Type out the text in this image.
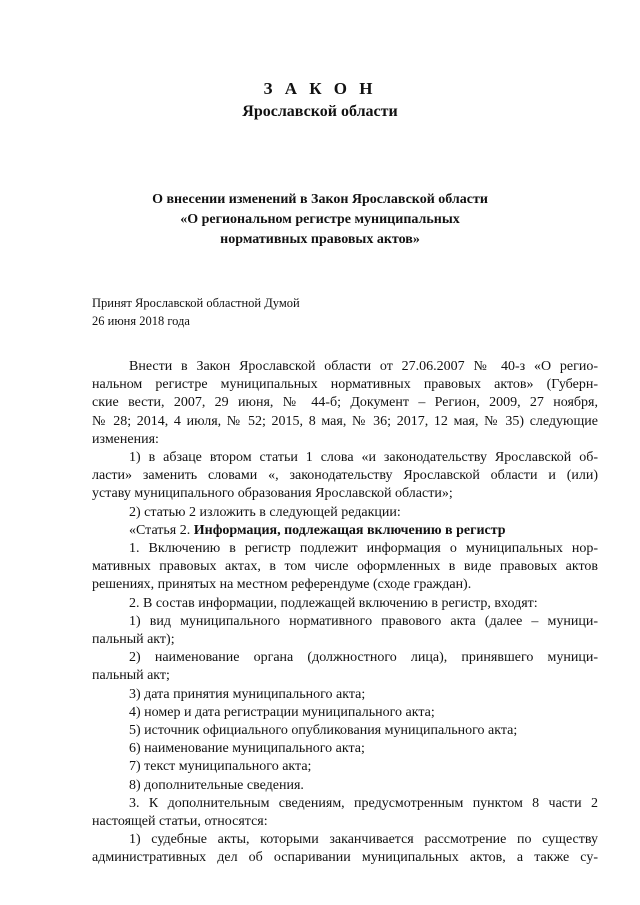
З А К О Н
Ярославской области
О внесении изменений в Закон Ярославской области
«О региональном регистре муниципальных
нормативных правовых актов»
Принят Ярославской областной Думой
26 июня 2018 года
Внести в Закон Ярославской области от 27.06.2007 № 40-з «О регио-
нальном регистре муниципальных нормативных правовых актов» (Губерн-
ские вести, 2007, 29 июня, № 44-б; Документ – Регион, 2009, 27 ноября,
№ 28; 2014, 4 июля, № 52; 2015, 8 мая, № 36; 2017, 12 мая, № 35) следующие
изменения:
1) в абзаце втором статьи 1 слова «и законодательству Ярославской об-
ласти» заменить словами «, законодательству Ярославской области и (или)
уставу муниципального образования Ярославской области»;
2) статью 2 изложить в следующей редакции:
«Статья 2. Информация, подлежащая включению в регистр
1. Включению в регистр подлежит информация о муниципальных нор-
мативных правовых актах, в том числе оформленных в виде правовых актов
решениях, принятых на местном референдуме (сходе граждан).
2. В состав информации, подлежащей включению в регистр, входят:
1) вид муниципального нормативного правового акта (далее – муници-
пальный акт);
2) наименование органа (должностного лица), принявшего муници-
пальный акт;
3) дата принятия муниципального акта;
4) номер и дата регистрации муниципального акта;
5) источник официального опубликования муниципального акта;
6) наименование муниципального акта;
7) текст муниципального акта;
8) дополнительные сведения.
3. К дополнительным сведениям, предусмотренным пунктом 8 части 2
настоящей статьи, относятся:
1) судебные акты, которыми заканчивается рассмотрение по существу
административных дел об оспаривании муниципальных актов, а также су-
